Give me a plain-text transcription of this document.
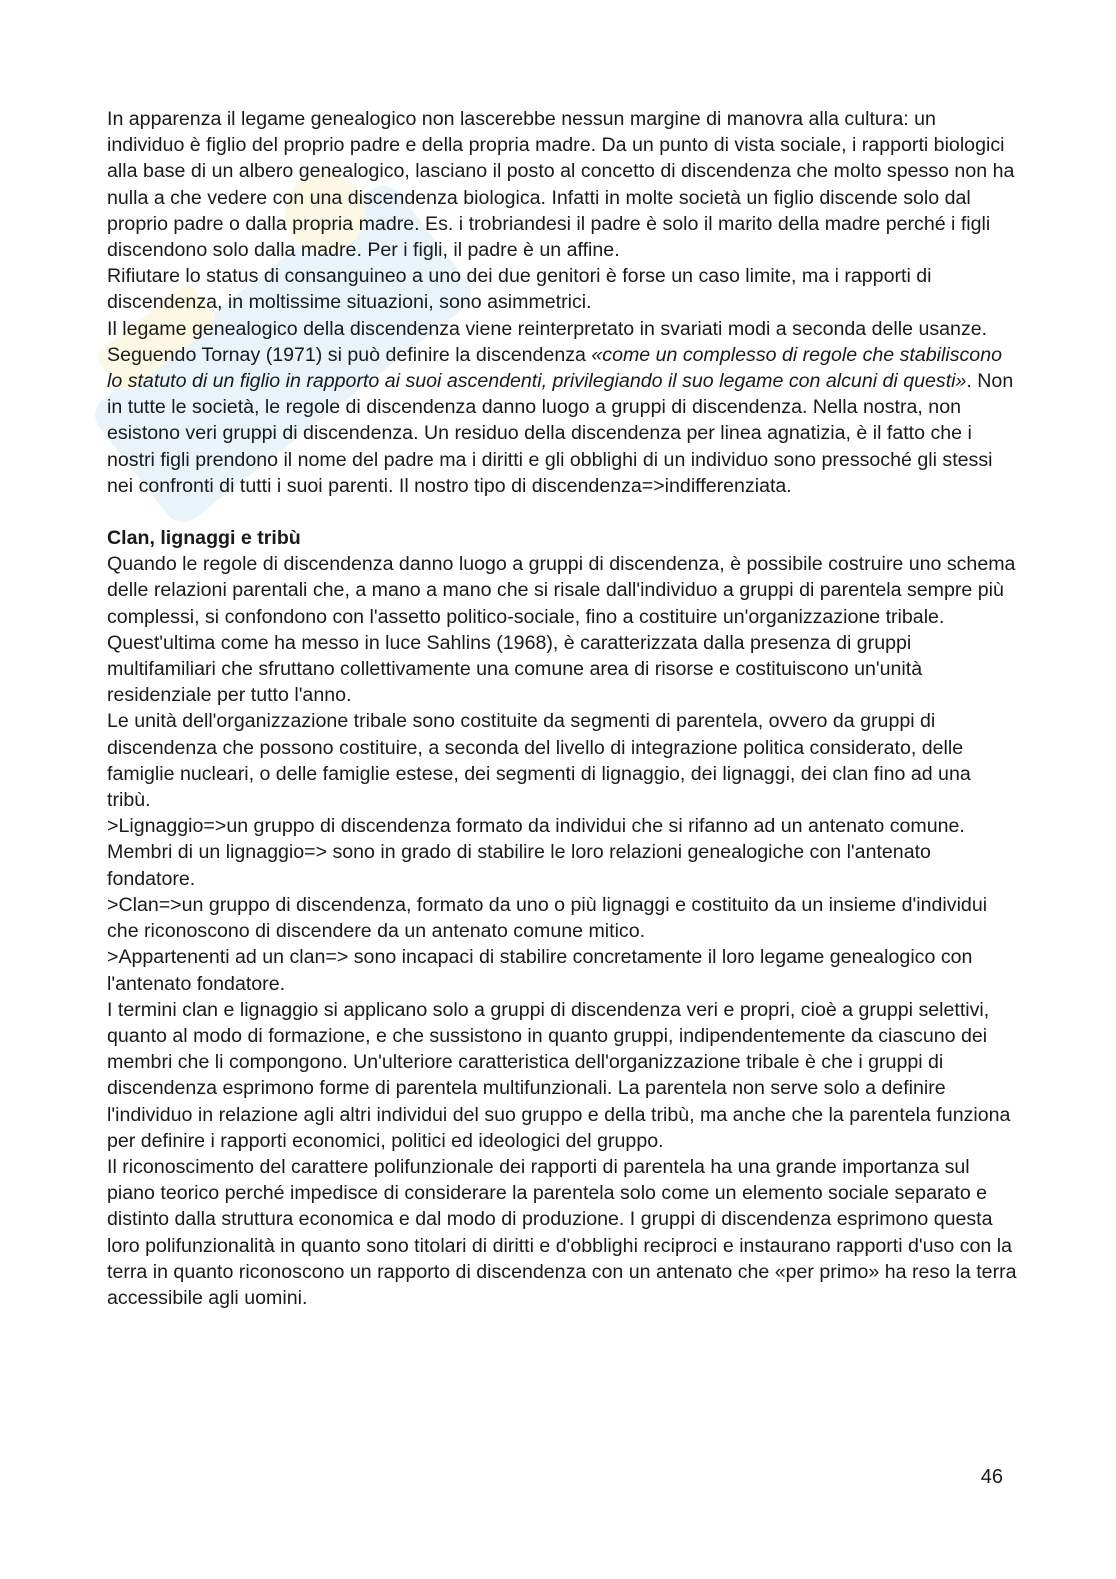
In apparenza il legame genealogico non lascerebbe nessun margine di manovra alla cultura: un individuo è figlio del proprio padre e della propria madre. Da un punto di vista sociale, i rapporti biologici alla base di un albero genealogico, lasciano il posto al concetto di discendenza che molto spesso non ha nulla a che vedere con una discendenza biologica. Infatti in molte società un figlio discende solo dal proprio padre o dalla propria madre. Es. i trobriandesi il padre è solo il marito della madre perché i figli discendono solo dalla madre. Per i figli, il padre è un affine.

Rifiutare lo status di consanguineo a uno dei due genitori è forse un caso limite, ma i rapporti di discendenza, in moltissime situazioni, sono asimmetrici.

Il legame genealogico della discendenza viene reinterpretato in svariati modi a seconda delle usanze. Seguendo Tornay (1971) si può definire la discendenza «come un complesso di regole che stabiliscono lo statuto di un figlio in rapporto ai suoi ascendenti, privilegiando il suo legame con alcuni di questi». Non in tutte le società, le regole di discendenza danno luogo a gruppi di discendenza. Nella nostra, non esistono veri gruppi di discendenza. Un residuo della discendenza per linea agnatizia, è il fatto che i nostri figli prendono il nome del padre ma i diritti e gli obblighi di un individuo sono pressoché gli stessi nei confronti di tutti i suoi parenti. Il nostro tipo di discendenza=>indifferenziata.

Clan, lignaggi e tribù

Quando le regole di discendenza danno luogo a gruppi di discendenza, è possibile costruire uno schema delle relazioni parentali che, a mano a mano che si risale dall'individuo a gruppi di parentela sempre più complessi, si confondono con l'assetto politico-sociale, fino a costituire un'organizzazione tribale. Quest'ultima come ha messo in luce Sahlins (1968), è caratterizzata dalla presenza di gruppi multifamiliari che sfruttano collettivamente una comune area di risorse e costituiscono un'unità residenziale per tutto l'anno.

Le unità dell'organizzazione tribale sono costituite da segmenti di parentela, ovvero da gruppi di discendenza che possono costituire, a seconda del livello di integrazione politica considerato, delle famiglie nucleari, o delle famiglie estese, dei segmenti di lignaggio, dei lignaggi, dei clan fino ad una tribù.

>Lignaggio=>un gruppo di discendenza formato da individui che si rifanno ad un antenato comune.

Membri di un lignaggio=> sono in grado di stabilire le loro relazioni genealogiche con l'antenato fondatore.

>Clan=>un gruppo di discendenza, formato da uno o più lignaggi e costituito da un insieme d'individui che riconoscono di discendere da un antenato comune mitico.

>Appartenenti ad un clan=> sono incapaci di stabilire concretamente il loro legame genealogico con l'antenato fondatore.

I termini clan e lignaggio si applicano solo a gruppi di discendenza veri e propri, cioè a gruppi selettivi, quanto al modo di formazione, e che sussistono in quanto gruppi, indipendentemente da ciascuno dei membri che li compongono. Un'ulteriore caratteristica dell'organizzazione tribale è che i gruppi di discendenza esprimono forme di parentela multifunzionali. La parentela non serve solo a definire l'individuo in relazione agli altri individui del suo gruppo e della tribù, ma anche che la parentela funziona per definire i rapporti economici, politici ed ideologici del gruppo.

Il riconoscimento del carattere polifunzionale dei rapporti di parentela ha una grande importanza sul piano teorico perché impedisce di considerare la parentela solo come un elemento sociale separato e distinto dalla struttura economica e dal modo di produzione. I gruppi di discendenza esprimono questa loro polifunzionalità in quanto sono titolari di diritti e d'obblighi reciproci e instaurano rapporti d'uso con la terra in quanto riconoscono un rapporto di discendenza con un antenato che «per primo» ha reso la terra accessibile agli uomini.

46
